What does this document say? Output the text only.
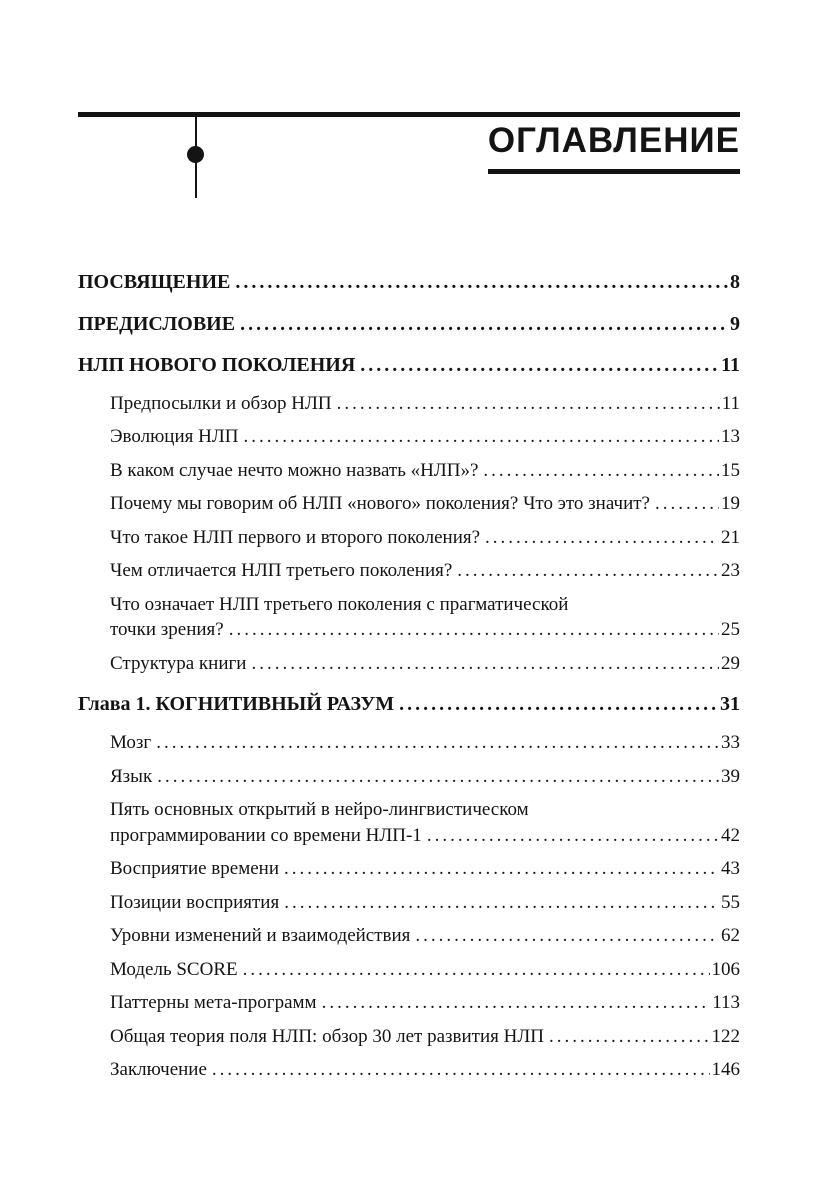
ОГЛАВЛЕНИЕ
ПОСВЯЩЕНИЕ .....	8
ПРЕДИСЛОВИЕ .....	9
НЛП НОВОГО ПОКОЛЕНИЯ .....	11
Предпосылки и обзор НЛП .....	11
Эволюция НЛП .....	13
В каком случае нечто можно назвать «НЛП»? .....	15
Почему мы говорим об НЛП «нового» поколения? Что это значит? .....	19
Что такое НЛП первого и второго поколения? .....	21
Чем отличается НЛП третьего поколения? .....	23
Что означает НЛП третьего поколения с прагматической
точки зрения? .....	25
Структура книги .....	29
Глава 1. КОГНИТИВНЫЙ РАЗУМ .....	31
Мозг .....	33
Язык .....	39
Пять основных открытий в нейро-лингвистическом
программировании со времени НЛП-1 .....	42
Восприятие времени .....	43
Позиции восприятия .....	55
Уровни изменений и взаимодействия .....	62
Модель SCORE .....	106
Паттерны мета-программ .....	113
Общая теория поля НЛП: обзор 30 лет развития НЛП .....	122
Заключение .....	146
